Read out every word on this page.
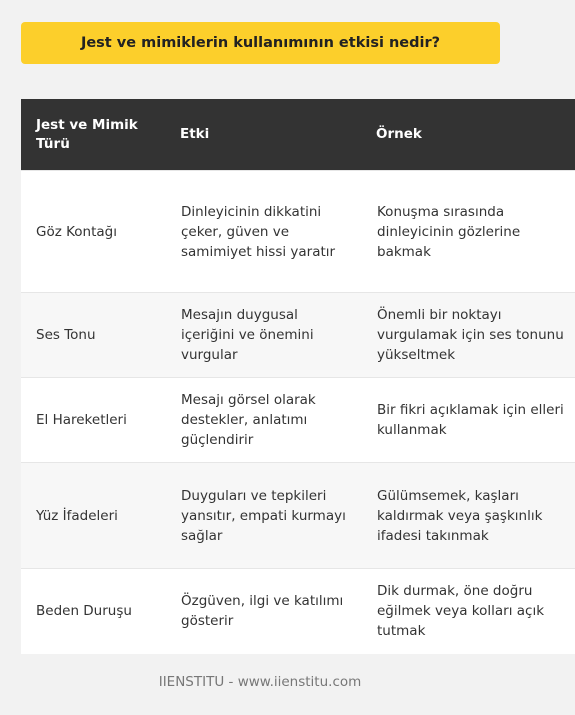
Jest ve mimiklerin kullanımının etkisi nedir?
Jest ve Mimik Türü	Etki	Örnek
Göz Kontağı	Dinleyicinin dikkatini çeker, güven ve samimiyet hissi yaratır	Konuşma sırasında dinleyicinin gözlerine bakmak
Ses Tonu	Mesajın duygusal içeriğini ve önemini vurgular	Önemli bir noktayı vurgulamak için ses tonunu yükseltmek
El Hareketleri	Mesajı görsel olarak destekler, anlatımı güçlendirir	Bir fikri açıklamak için elleri kullanmak
Yüz İfadeleri	Duyguları ve tepkileri yansıtır, empati kurmayı sağlar	Gülümsemek, kaşları kaldırmak veya şaşkınlık ifadesi takınmak
Beden Duruşu	Özgüven, ilgi ve katılımı gösterir	Dik durmak, öne doğru eğilmek veya kolları açık tutmak
IIENSTITU - www.iienstitu.com
